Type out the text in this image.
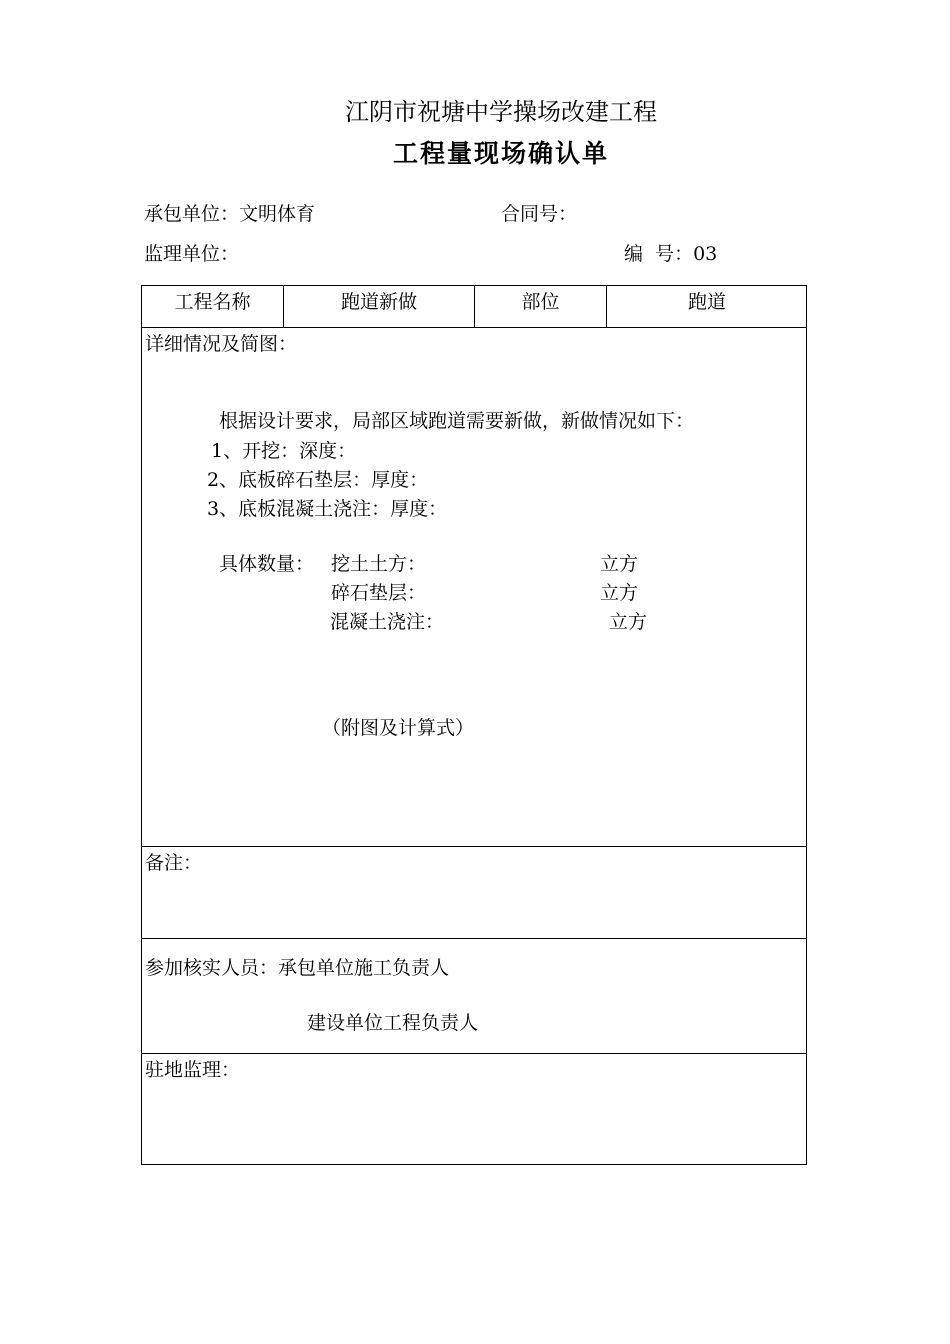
江阴市祝塘中学操场改建工程
工程量现场确认单
承包单位：文明体育	合同号：
监理单位：	编  号：03
工程名称	跑道新做	部位	跑道
详细情况及简图：
根据设计要求，局部区域跑道需要新做，新做情况如下：
1、开挖：深度：
2、底板碎石垫层：厚度：
3、底板混凝土浇注：厚度：
具体数量： 挖土土方：	立方
碎石垫层：	立方
混凝土浇注：	立方
（附图及计算式）
备注：
参加核实人员：承包单位施工负责人
建设单位工程负责人
驻地监理：
